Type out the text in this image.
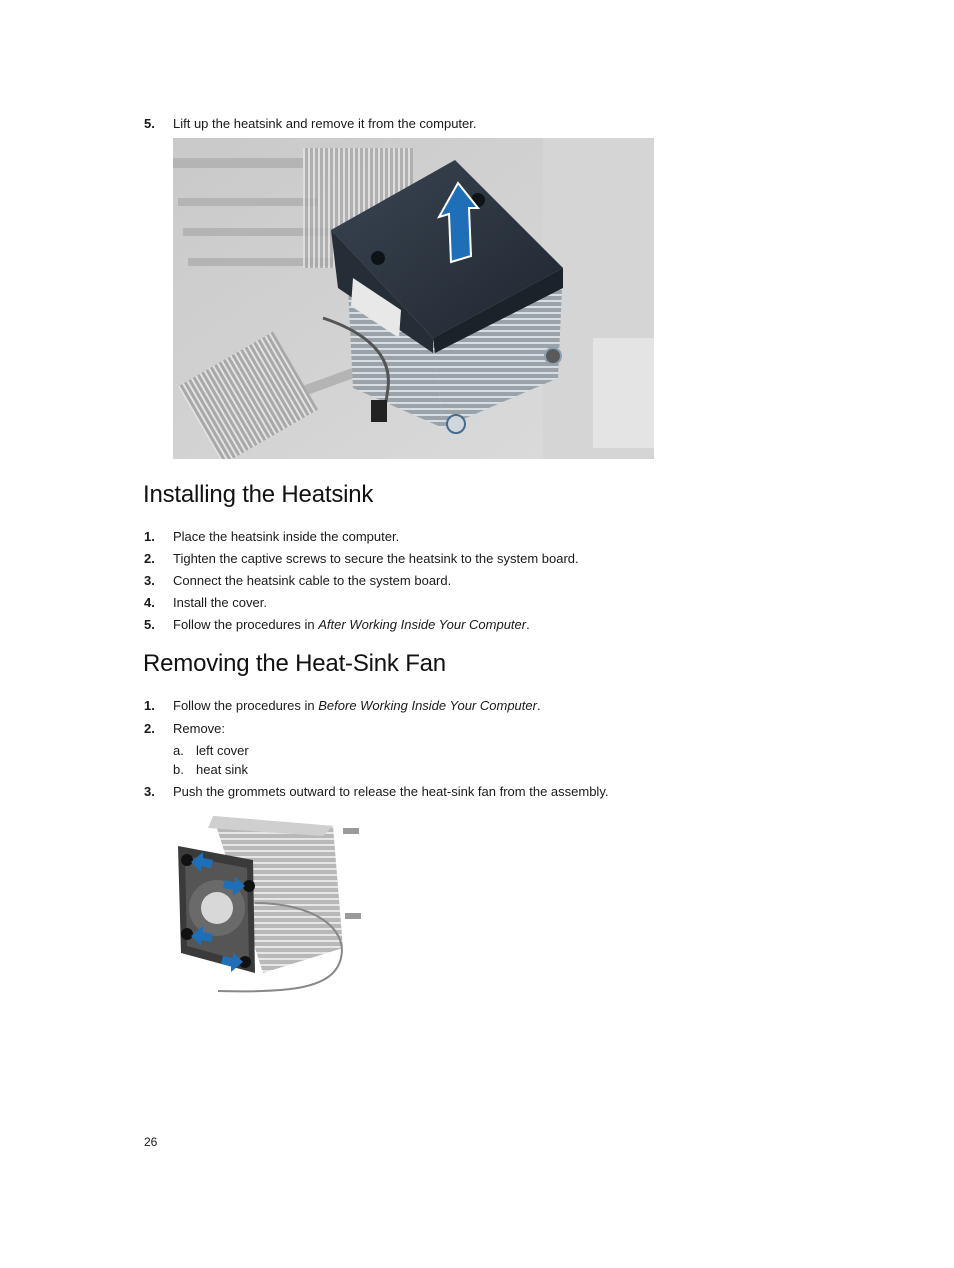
5. Lift up the heatsink and remove it from the computer.
Installing the Heatsink
1. Place the heatsink inside the computer.
2. Tighten the captive screws to secure the heatsink to the system board.
3. Connect the heatsink cable to the system board.
4. Install the cover.
5. Follow the procedures in After Working Inside Your Computer.
Removing the Heat-Sink Fan
1. Follow the procedures in Before Working Inside Your Computer.
2. Remove:
a. left cover
b. heat sink
3. Push the grommets outward to release the heat-sink fan from the assembly.
26
